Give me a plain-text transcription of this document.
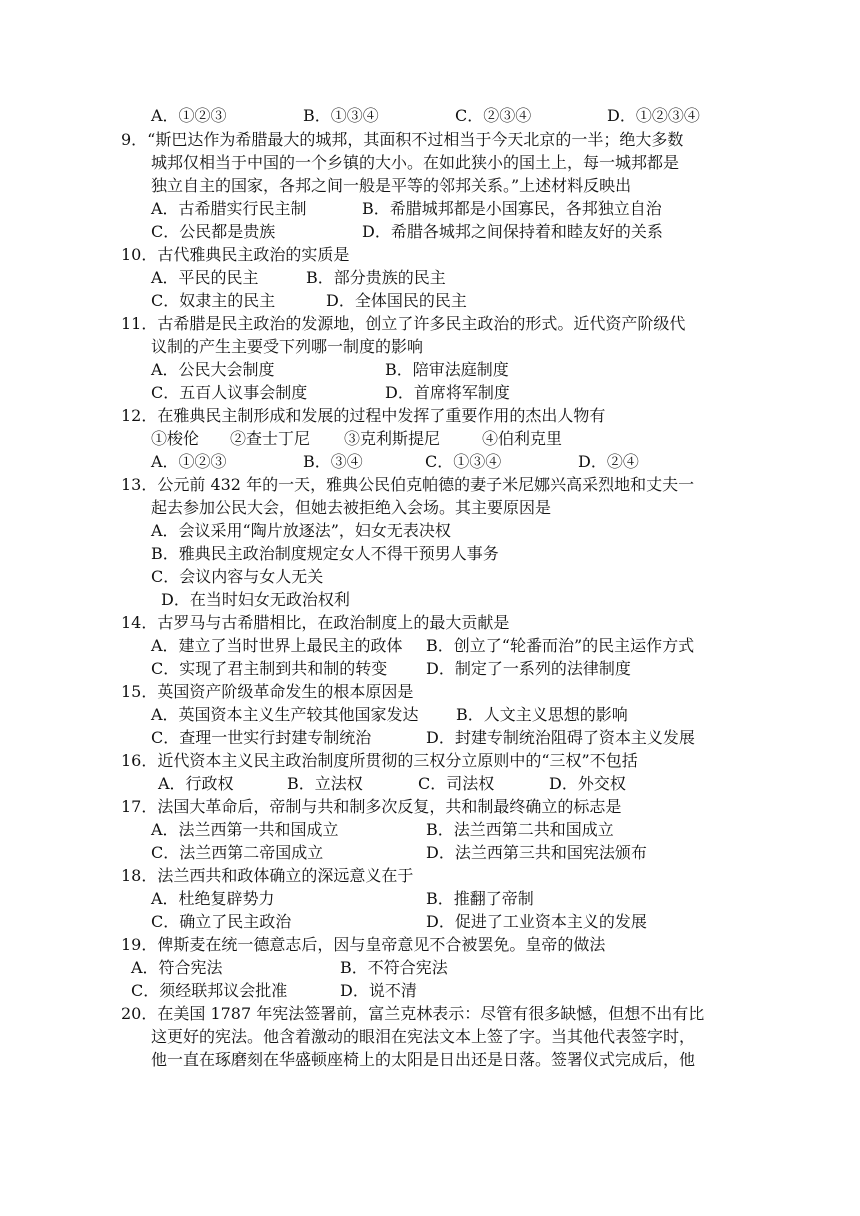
A．①②③	B．①③④	C．②③④	D．①②③④
9．“斯巴达作为希腊最大的城邦，其面积不过相当于今天北京的一半；绝大多数
城邦仅相当于中国的一个乡镇的大小。在如此狭小的国土上，每一城邦都是
独立自主的国家，各邦之间一般是平等的邻邦关系。”上述材料反映出
A．古希腊实行民主制	B．希腊城邦都是小国寡民，各邦独立自治
C．公民都是贵族	D．希腊各城邦之间保持着和睦友好的关系
10．古代雅典民主政治的实质是
A．平民的民主	B．部分贵族的民主
C．奴隶主的民主	D．全体国民的民主
11．古希腊是民主政治的发源地，创立了许多民主政治的形式。近代资产阶级代
议制的产生主要受下列哪一制度的影响
A．公民大会制度	B．陪审法庭制度
C．五百人议事会制度	D．首席将军制度
12．在雅典民主制形成和发展的过程中发挥了重要作用的杰出人物有
①梭伦 ②查士丁尼 ③克利斯提尼	④伯利克里
A．①②③	B．③④	C．①③④	D．②④
13．公元前 432 年的一天，雅典公民伯克帕德的妻子米尼娜兴高采烈地和丈夫一
起去参加公民大会，但她去被拒绝入会场。其主要原因是
A．会议采用“陶片放逐法”，妇女无表决权
B．雅典民主政治制度规定女人不得干预男人事务
C．会议内容与女人无关
D．在当时妇女无政治权利
14．古罗马与古希腊相比，在政治制度上的最大贡献是
A．建立了当时世界上最民主的政体 B．创立了“轮番而治”的民主运作方式
C．实现了君主制到共和制的转变 D．制定了一系列的法律制度
15．英国资产阶级革命发生的根本原因是
A．英国资本主义生产较其他国家发达 B．人文主义思想的影响
C．查理一世实行封建专制统治	D．封建专制统治阻碍了资本主义发展
16．近代资本主义民主政治制度所贯彻的三权分立原则中的“三权”不包括
A．行政权	B．立法权	C．司法权	D．外交权
17．法国大革命后，帝制与共和制多次反复，共和制最终确立的标志是
A．法兰西第一共和国成立	B．法兰西第二共和国成立
C．法兰西第二帝国成立	D．法兰西第三共和国宪法颁布
18．法兰西共和政体确立的深远意义在于
A．杜绝复辟势力	B．推翻了帝制
C．确立了民主政治	D．促进了工业资本主义的发展
19．俾斯麦在统一德意志后，因与皇帝意见不合被罢免。皇帝的做法
A．符合宪法	B．不符合宪法
C．须经联邦议会批准	D．说不清
20．在美国 1787 年宪法签署前，富兰克林表示：尽管有很多缺憾，但想不出有比
这更好的宪法。他含着激动的眼泪在宪法文本上签了字。当其他代表签字时，
他一直在琢磨刻在华盛顿座椅上的太阳是日出还是日落。签署仪式完成后，他
